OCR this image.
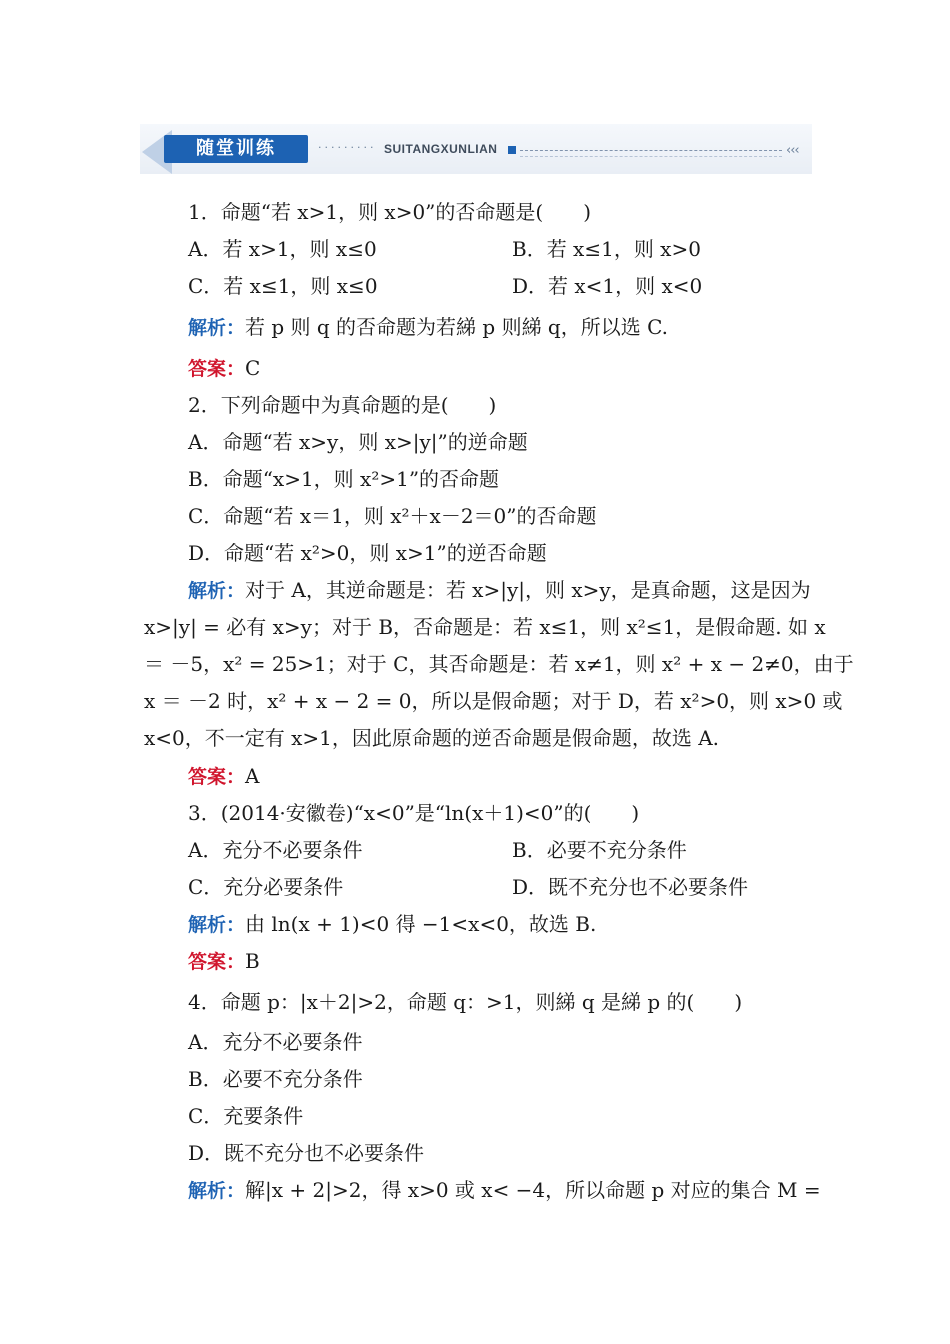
随堂训练	········· SUITANGXUNLIAN	‹‹‹
1．命题“若 x>1，则 x>0”的否命题是(　　)
A．若 x>1，则 x≤0	B．若 x≤1，则 x>0
C．若 x≤1，则 x≤0	D．若 x<1，则 x<0
解析：若 p 则 q 的否命题为若綈 p 则綈 q，所以选 C.
答案：C
2．下列命题中为真命题的是(　　)
A．命题“若 x>y，则 x>|y|”的逆命题
B．命题“x>1，则 x²>1”的否命题
C．命题“若 x＝1，则 x²＋x－2＝0”的否命题
D．命题“若 x²>0，则 x>1”的逆否命题
解析：对于 A，其逆命题是：若 x>|y|，则 x>y，是真命题，这是因为
x>|y| = 必有 x>y；对于 B，否命题是：若 x≤1，则 x²≤1，是假命题. 如 x
＝ －5，x² = 25>1；对于 C，其否命题是：若 x≠1，则 x² + x − 2≠0，由于
x ＝ －2 时，x² + x − 2 = 0，所以是假命题；对于 D，若 x²>0，则 x>0 或
x<0，不一定有 x>1，因此原命题的逆否命题是假命题，故选 A.
答案：A
3．(2014·安徽卷)“x<0”是“ln(x＋1)<0”的(　　)
A．充分不必要条件	B．必要不充分条件
C．充分必要条件	D．既不充分也不必要条件
解析：由 ln(x + 1)<0 得 −1<x<0，故选 B.
答案：B
4．命题 p：|x＋2|>2，命题 q：>1，则綈 q 是綈 p 的(　　)
A．充分不必要条件
B．必要不充分条件
C．充要条件
D．既不充分也不必要条件
解析：解|x + 2|>2，得 x>0 或 x< −4，所以命题 p 对应的集合 M =
